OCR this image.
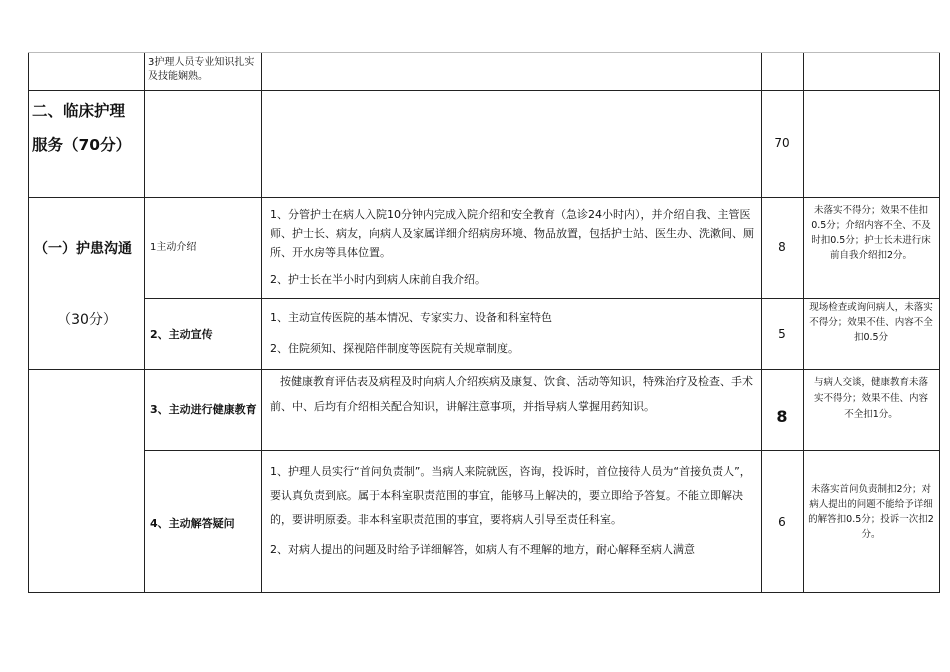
3护理人员专业知识扎实及技能娴熟。
二、临床护理服务（70分）	70
（一）护患沟通
（30分）
1主动介绍

1、分管护士在病人入院10分钟内完成入院介绍和安全教育（急诊24小时内），并介绍自我、主管医师、护士长、病友，向病人及家属详细介绍病房环境、物品放置，包括护士站、医生办、洗漱间、厕所、开水房等具体位置。

2、护士长在半小时内到病人床前自我介绍。

8
未落实不得分；效果不佳扣0.5分；介绍内容不全、不及时扣0.5分；护士长未进行床前自我介绍扣2分。
2、主动宣传

1、主动宣传医院的基本情况、专家实力、设备和科室特色

2、住院须知、探视陪伴制度等医院有关规章制度。

5
现场检查或询问病人，未落实不得分；效果不佳、内容不全扣0.5分
3、主动进行健康教育
按健康教育评估表及病程及时向病人介绍疾病及康复、饮食、活动等知识，特殊治疗及检查、手术前、中、后均有介绍相关配合知识，讲解注意事项，并指导病人掌握用药知识。
8
与病人交谈，健康教育未落实不得分；效果不佳、内容不全扣1分。
4、主动解答疑问

1、护理人员实行“首问负责制”。当病人来院就医，咨询，投诉时，首位接待人员为“首接负责人”，要认真负责到底。属于本科室职责范围的事宜，能够马上解决的，要立即给予答复。不能立即解决的，要讲明原委。非本科室职责范围的事宜，要将病人引导至责任科室。

2、对病人提出的问题及时给予详细解答，如病人有不理解的地方，耐心解释至病人满意

6
未落实首问负责制扣2分；对病人提出的问题不能给予详细的解答扣0.5分；投诉一次扣2分。
